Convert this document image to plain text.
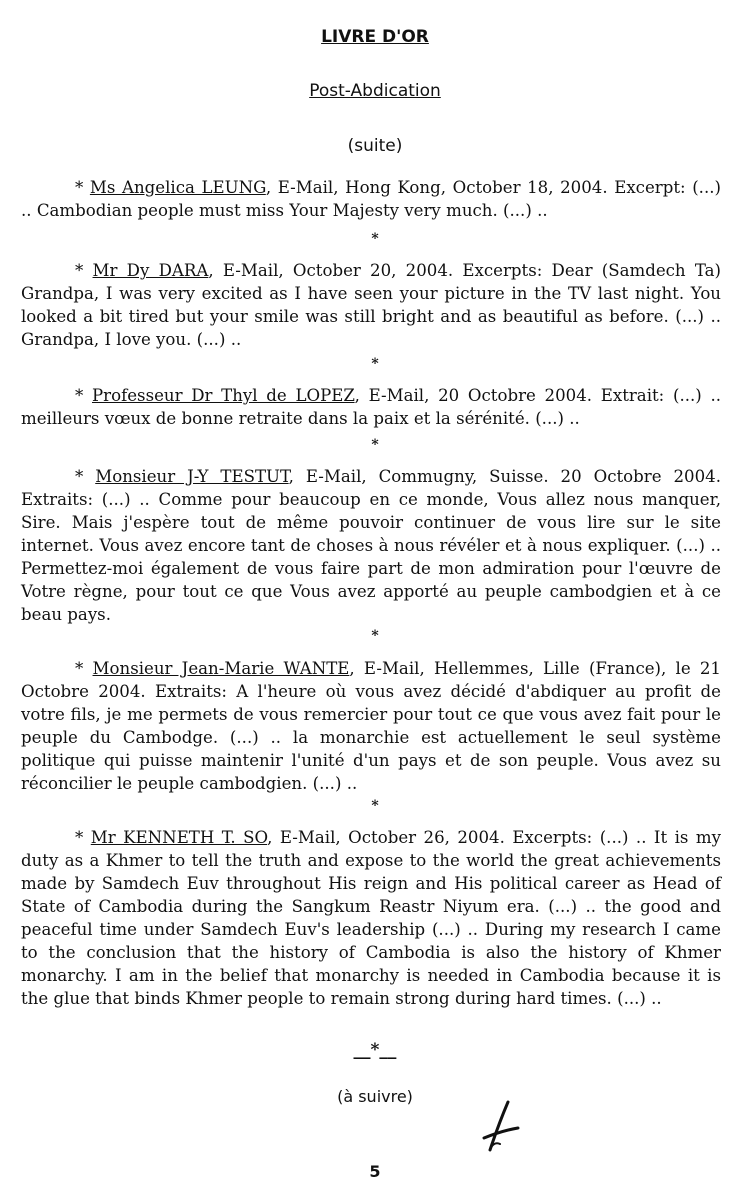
LIVRE D'OR
Post-Abdication
(suite)
* Ms Angelica LEUNG, E-Mail, Hong Kong, October 18, 2004. Excerpt: (...) .. Cambodian people must miss Your Majesty very much. (...) ..
*
* Mr Dy DARA, E-Mail, October 20, 2004. Excerpts: Dear (Samdech Ta) Grandpa, I was very excited as I have seen your picture in the TV last night. You looked a bit tired but your smile was still bright and as beautiful as before. (...) .. Grandpa, I love you. (...) ..
*
* Professeur Dr Thyl de LOPEZ, E-Mail, 20 Octobre 2004. Extrait: (...) .. meilleurs vœux de bonne retraite dans la paix et la sérénité. (...) ..
*
* Monsieur J-Y TESTUT, E-Mail, Commugny, Suisse. 20 Octobre 2004. Extraits: (...) .. Comme pour beaucoup en ce monde, Vous allez nous manquer, Sire. Mais j'espère tout de même pouvoir continuer de vous lire sur le site internet. Vous avez encore tant de choses à nous révéler et à nous expliquer. (...) .. Permettez-moi également de vous faire part de mon admiration pour l'œuvre de Votre règne, pour tout ce que Vous avez apporté au peuple cambodgien et à ce beau pays.
*
* Monsieur Jean-Marie WANTE, E-Mail, Hellemmes, Lille (France), le 21 Octobre 2004. Extraits: A l'heure où vous avez décidé d'abdiquer au profit de votre fils, je me permets de vous remercier pour tout ce que vous avez fait pour le peuple du Cambodge. (...) .. la monarchie est actuellement le seul système politique qui puisse maintenir l'unité d'un pays et de son peuple. Vous avez su réconcilier le peuple cambodgien. (...) ..
*
* Mr KENNETH T. SO, E-Mail, October 26, 2004. Excerpts: (...) .. It is my duty as a Khmer to tell the truth and expose to the world the great achievements made by Samdech Euv throughout His reign and His political career as Head of State of Cambodia during the Sangkum Reastr Niyum era. (...) .. the good and peaceful time under Samdech Euv's leadership (...) .. During my research I came to the conclusion that the history of Cambodia is also the history of Khmer monarchy. I am in the belief that monarchy is needed in Cambodia because it is the glue that binds Khmer people to remain strong during hard times. (...) ..
__*__
(à suivre)
5
